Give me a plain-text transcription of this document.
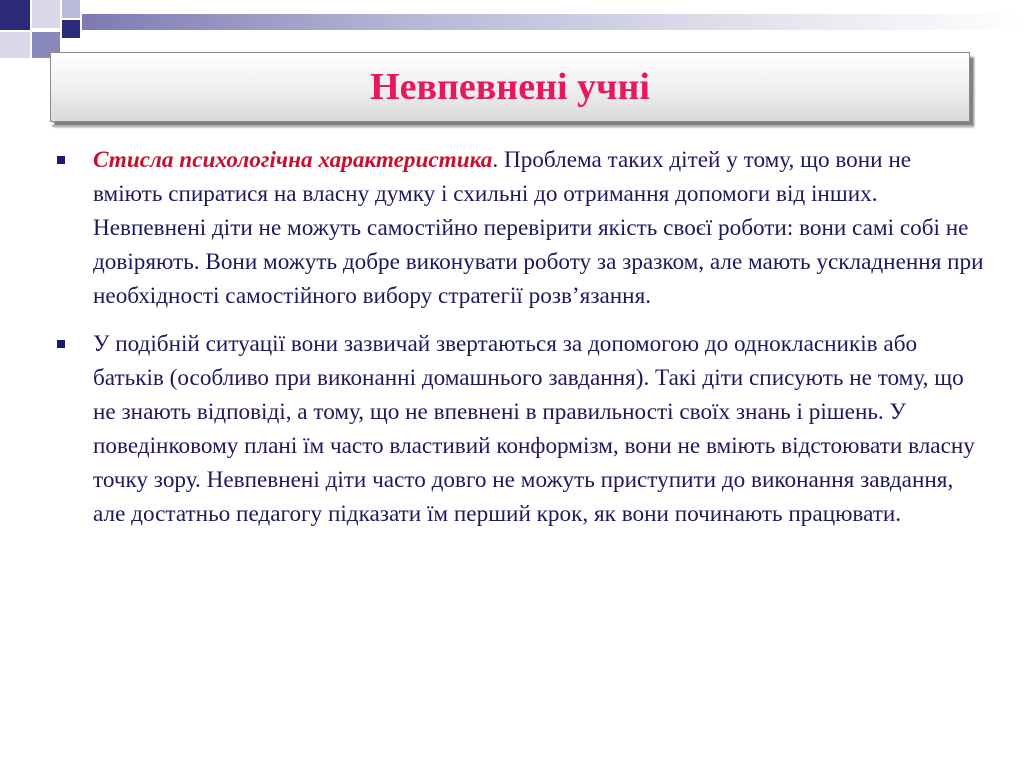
Невпевнені учні
Стисла психологічна характеристика. Проблема таких дітей у тому, що вони не вміють спиратися на власну думку і схильні до отримання допомоги від інших. Невпевнені діти не можуть самостійно перевірити якість своєї роботи: вони самі собі не довіряють. Вони можуть добре виконувати роботу за зразком, але мають ускладнення при необхідності самостійного вибору стратегії розв’язання.
У подібній ситуації вони зазвичай звертаються за допомогою до однокласників або батьків (особливо при виконанні домашнього завдання). Такі діти списують не тому, що не знають відповіді, а тому, що не впевнені в правильності своїх знань і рішень. У поведінковому плані їм часто властивий конформізм, вони не вміють відстоювати власну точку зору. Невпевнені діти часто довго не можуть приступити до виконання завдання, але достатньо педагогу підказати їм перший крок, як вони починають працювати.
